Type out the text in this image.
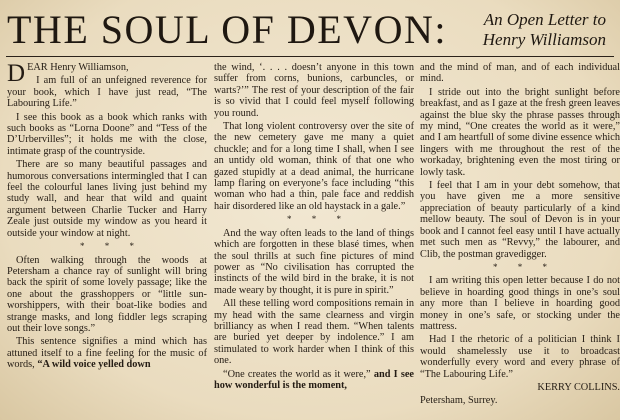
THE SOUL OF DEVON:	An Open Letter to
Henry Williamson

DEAR Henry Williamson,

I am full of an unfeigned reverence for your book, which I have just read, “The Labouring Life.”

I see this book as a book which ranks with such books as “Lorna Doone” and “Tess of the D’Urbervilles”; it holds me with the close, intimate grasp of the countryside.

There are so many beautiful passages and humorous conversations intermingled that I can feel the colourful lanes living just behind my study wall, and hear that wild and quaint argument between Charlie Tucker and Harry Zeale just outside my window as you heard it outside your window at night.

* * *

Often walking through the woods at Petersham a chance ray of sunlight will bring back the spirit of some lovely passage; like the one about the grasshoppers or “little sun-worshippers, with their boat-like bodies and strange masks, and long fiddler legs scraping out their love songs.”

This sentence signifies a mind which has attuned itself to a fine feeling for the music of words, “A wild voice yelled down

the wind, ‘. . . . doesn’t anyone in this town suffer from corns, bunions, carbuncles, or warts?’” The rest of your description of the fair is so vivid that I could feel myself following you round.

That long violent controversy over the site of the new cemetery gave me many a quiet chuckle; and for a long time I shall, when I see an untidy old woman, think of that one who gazed stupidly at a dead animal, the hurricane lamp flaring on everyone’s face including “this woman who had a thin, pale face and reddish hair disordered like an old haystack in a gale.”

* * *

And the way often leads to the land of things which are forgotten in these blasé times, when the soul thrills at such fine pictures of mind power as “No civilisation has corrupted the instincts of the wild bird in the brake, it is not made weary by thought, it is pure in spirit.”

All these telling word compositions remain in my head with the same clearness and virgin brilliancy as when I read them. “When talents are buried yet deeper by indolence.” I am stimulated to work harder when I think of this one.

“One creates the world as it were,” and I see how wonderful is the moment,

and the mind of man, and of each individual mind.

I stride out into the bright sunlight before breakfast, and as I gaze at the fresh green leaves against the blue sky the phrase passes through my mind, “One creates the world as it were,” and I am heartfull of some divine essence which lingers with me throughout the rest of the workaday, brightening even the most tiring or lowly task.

I feel that I am in your debt somehow, that you have given me a more sensitive appreciation of beauty particularly of a kind mellow beauty. The soul of Devon is in your book and I cannot feel easy until I have actually met such men as “Revvy,” the labourer, and Clib, the postman gravedigger.

* * *

I am writing this open letter because I do not believe in hoarding good things in one’s soul any more than I believe in hoarding good money in one’s safe, or stocking under the mattress.

Had I the rhetoric of a politician I think I would shamelessly use it to broadcast wonderfully every word and every phrase of “The Labouring Life.”

KERRY COLLINS.

Petersham, Surrey.
